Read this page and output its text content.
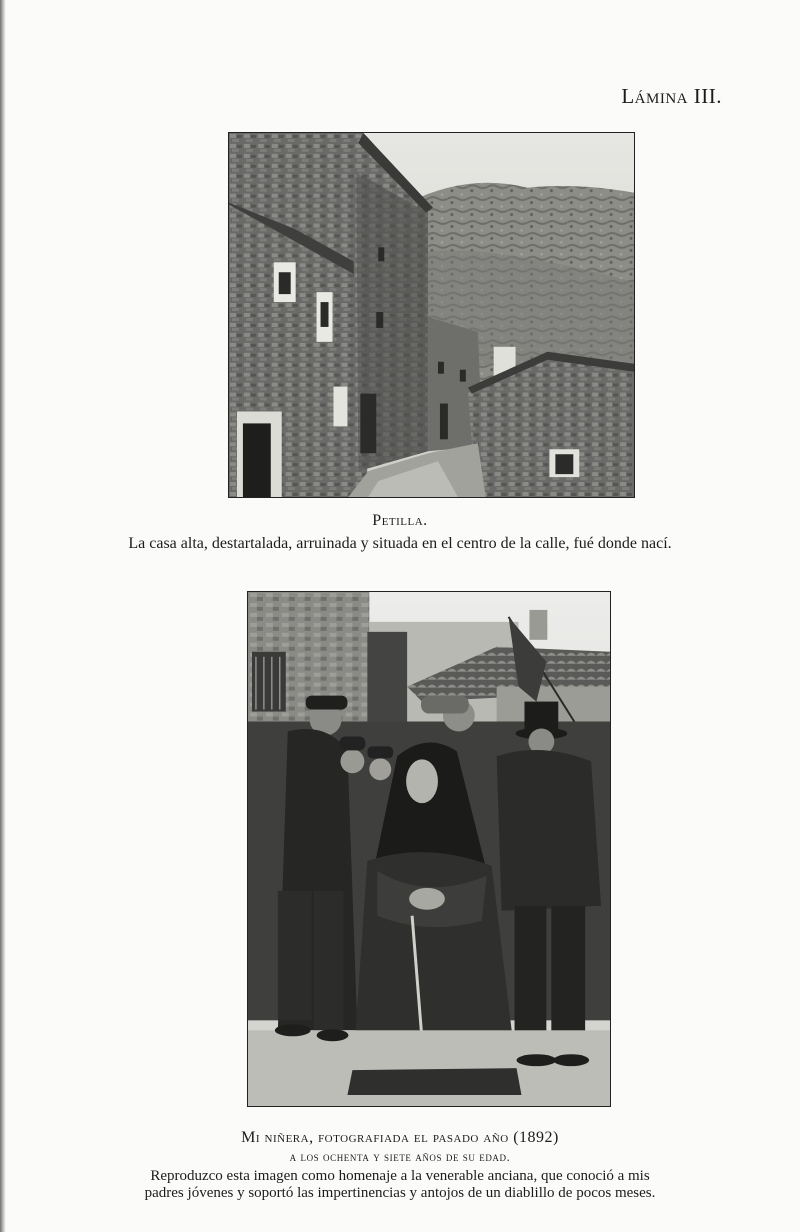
Lámina III.
Petilla.
La casa alta, destartalada, arruinada y situada en el centro de la calle, fué donde nací.
Mi niñera, fotografiada el pasado año (1892)
a los ochenta y siete años de su edad.
Reproduzco esta imagen como homenaje a la venerable anciana, que conoció a mis
padres jóvenes y soportó las impertinencias y antojos de un diablillo de pocos meses.
